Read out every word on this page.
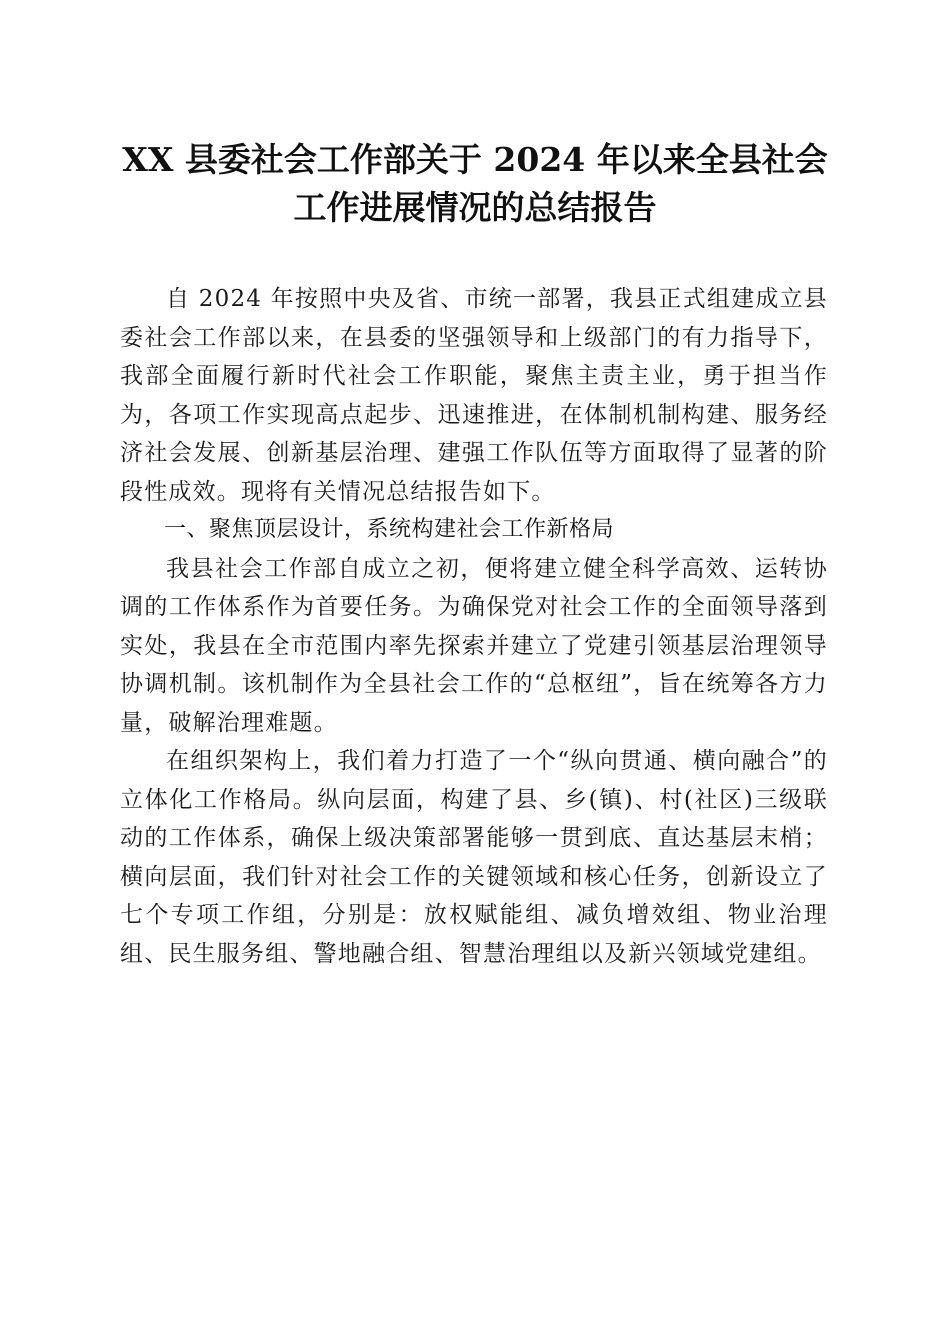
XX 县委社会工作部关于 2024 年以来全县社会
工作进展情况的总结报告

自 2024 年按照中央及省、市统一部署，我县正式组建成立县委社会工作部以来，在县委的坚强领导和上级部门的有力指导下，我部全面履行新时代社会工作职能，聚焦主责主业，勇于担当作为，各项工作实现高点起步、迅速推进，在体制机制构建、服务经济社会发展、创新基层治理、建强工作队伍等方面取得了显著的阶段性成效。现将有关情况总结报告如下。

一、聚焦顶层设计，系统构建社会工作新格局

我县社会工作部自成立之初，便将建立健全科学高效、运转协调的工作体系作为首要任务。为确保党对社会工作的全面领导落到实处，我县在全市范围内率先探索并建立了党建引领基层治理领导协调机制。该机制作为全县社会工作的“总枢纽”，旨在统筹各方力量，破解治理难题。

在组织架构上，我们着力打造了一个“纵向贯通、横向融合”的立体化工作格局。纵向层面，构建了县、乡(镇)、村(社区)三级联动的工作体系，确保上级决策部署能够一贯到底、直达基层末梢；横向层面，我们针对社会工作的关键领域和核心任务，创新设立了七个专项工作组，分别是：放权赋能组、减负增效组、物业治理组、民生服务组、警地融合组、智慧治理组以及新兴领域党建组。
